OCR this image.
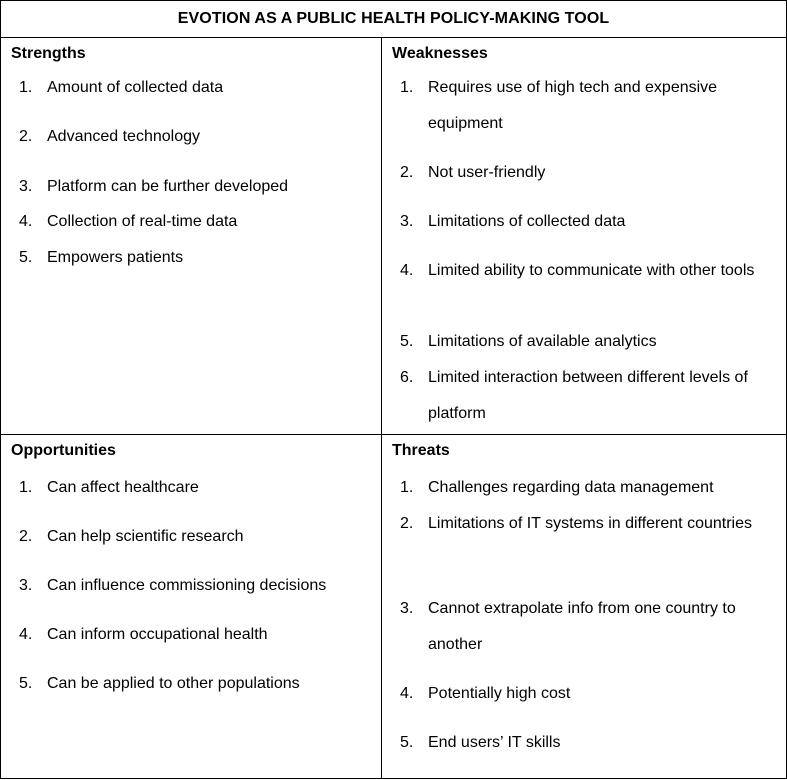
EVOTION AS A PUBLIC HEALTH POLICY-MAKING TOOL
Strengths
1. Amount of collected data
2. Advanced technology
3. Platform can be further developed
4. Collection of real-time data
5. Empowers patients
Weaknesses
1. Requires use of high tech and expensive equipment
2. Not user-friendly
3. Limitations of collected data
4. Limited ability to communicate with other tools
5. Limitations of available analytics
6. Limited interaction between different levels of platform
Opportunities
1. Can affect healthcare
2. Can help scientific research
3. Can influence commissioning decisions
4. Can inform occupational health
5. Can be applied to other populations
Threats
1. Challenges regarding data management
2. Limitations of IT systems in different countries
3. Cannot extrapolate info from one country to another
4. Potentially high cost
5. End users’ IT skills
